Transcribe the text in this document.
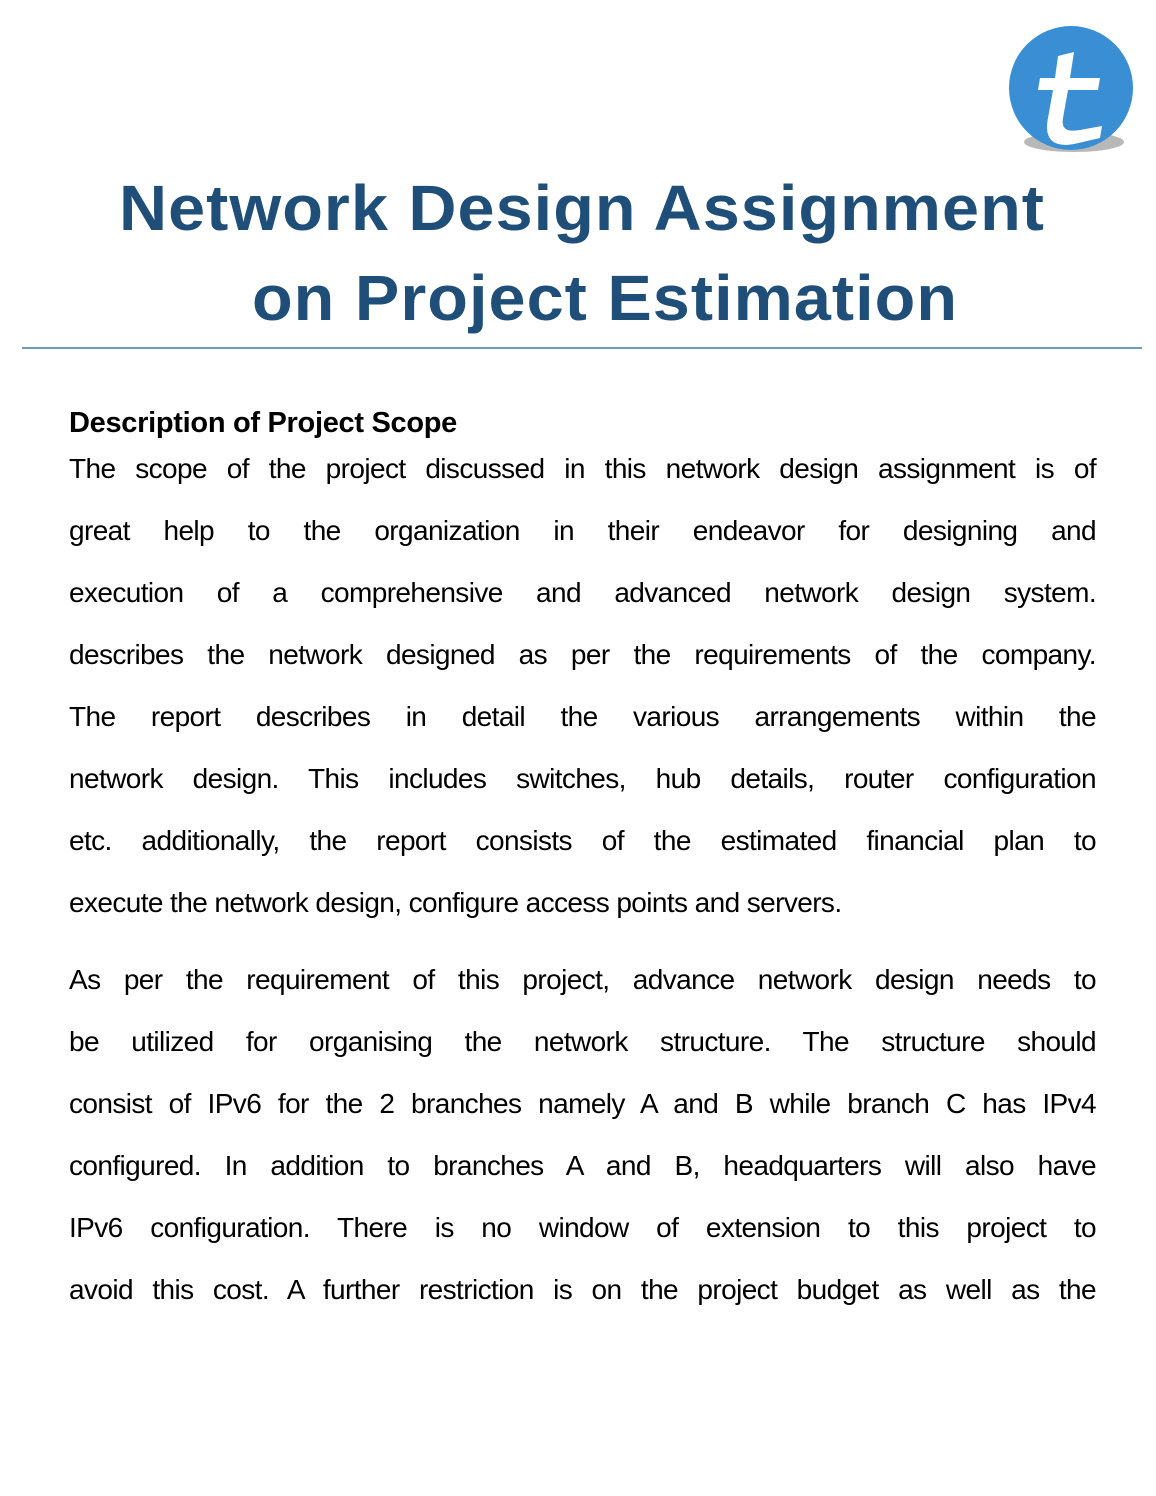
Network Design Assignment
on Project Estimation
Description of Project Scope
The scope of the project discussed in this network design assignment is of
great help to the organization in their endeavor for designing and
execution of a comprehensive and advanced network design system.
describes the network designed as per the requirements of the company.
The report describes in detail the various arrangements within the
network design. This includes switches, hub details, router configuration
etc. additionally, the report consists of the estimated financial plan to
execute the network design, configure access points and servers.
As per the requirement of this project, advance network design needs to
be utilized for organising the network structure. The structure should
consist of IPv6 for the 2 branches namely A and B while branch C has IPv4
configured. In addition to branches A and B, headquarters will also have
IPv6 configuration. There is no window of extension to this project to
avoid this cost. A further restriction is on the project budget as well as the
